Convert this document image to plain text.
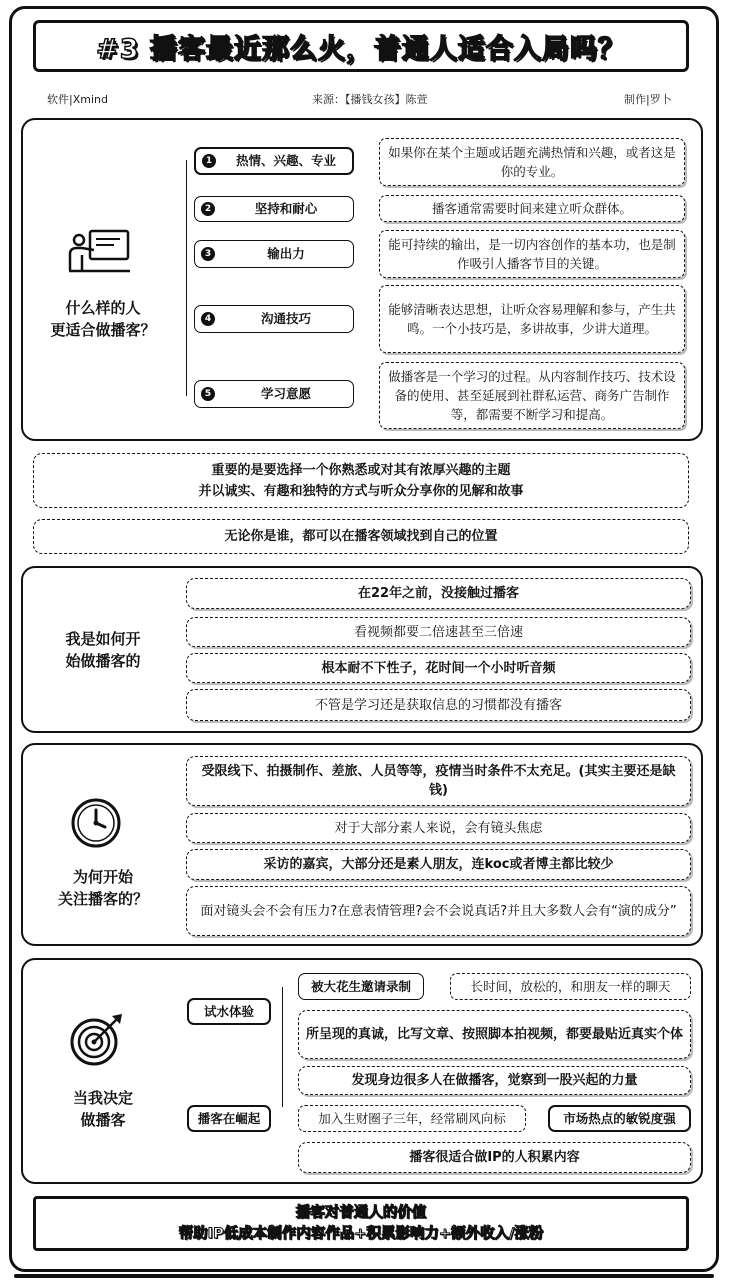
#3 播客最近那么火，普通人适合入局吗？
软件|Xmind	来源：【播钱女孩】陈萱	制作|罗卜
什么样的人
更适合做播客？
1	热情、兴趣、专业
如果你在某个主题或话题充满热情和兴趣，或者这是你的专业。
2	坚持和耐心	播客通常需要时间来建立听众群体。
3	输出力
能可持续的输出，是一切内容创作的基本功，也是制作吸引人播客节目的关键。
4	沟通技巧
能够清晰表达思想，让听众容易理解和参与，产生共鸣。一个小技巧是，多讲故事，少讲大道理。
5	学习意愿
做播客是一个学习的过程。从内容制作技巧、技术设备的使用、甚至延展到社群私运营、商务广告制作等，都需要不断学习和提高。
重要的是要选择一个你熟悉或对其有浓厚兴趣的主题
并以诚实、有趣和独特的方式与听众分享你的见解和故事
无论你是谁，都可以在播客领域找到自己的位置
我是如何开
始做播客的
在22年之前，没接触过播客
看视频都要二倍速甚至三倍速
根本耐不下性子，花时间一个小时听音频
不管是学习还是获取信息的习惯都没有播客
为何开始
关注播客的？
受限线下、拍摄制作、差旅、人员等等，疫情当时条件不太充足。(其实主要还是缺钱)
对于大部分素人来说，会有镜头焦虑
采访的嘉宾，大部分还是素人朋友，连koc或者博主都比较少
面对镜头会不会有压力?在意表情管理?会不会说真话?并且大多数人会有“演的成分”
当我决定
做播客
试水体验
播客在崛起
被大花生邀请录制	长时间，放松的，和朋友一样的聊天
所呈现的真诚，比写文章、按照脚本拍视频，都要最贴近真实个体
发现身边很多人在做播客，觉察到一股兴起的力量
加入生财圈子三年，经常刷风向标	市场热点的敏锐度强
播客很适合做IP的人积累内容
播客对普通人的价值
帮助IP低成本制作内容作品+积累影响力+额外收入/涨粉
